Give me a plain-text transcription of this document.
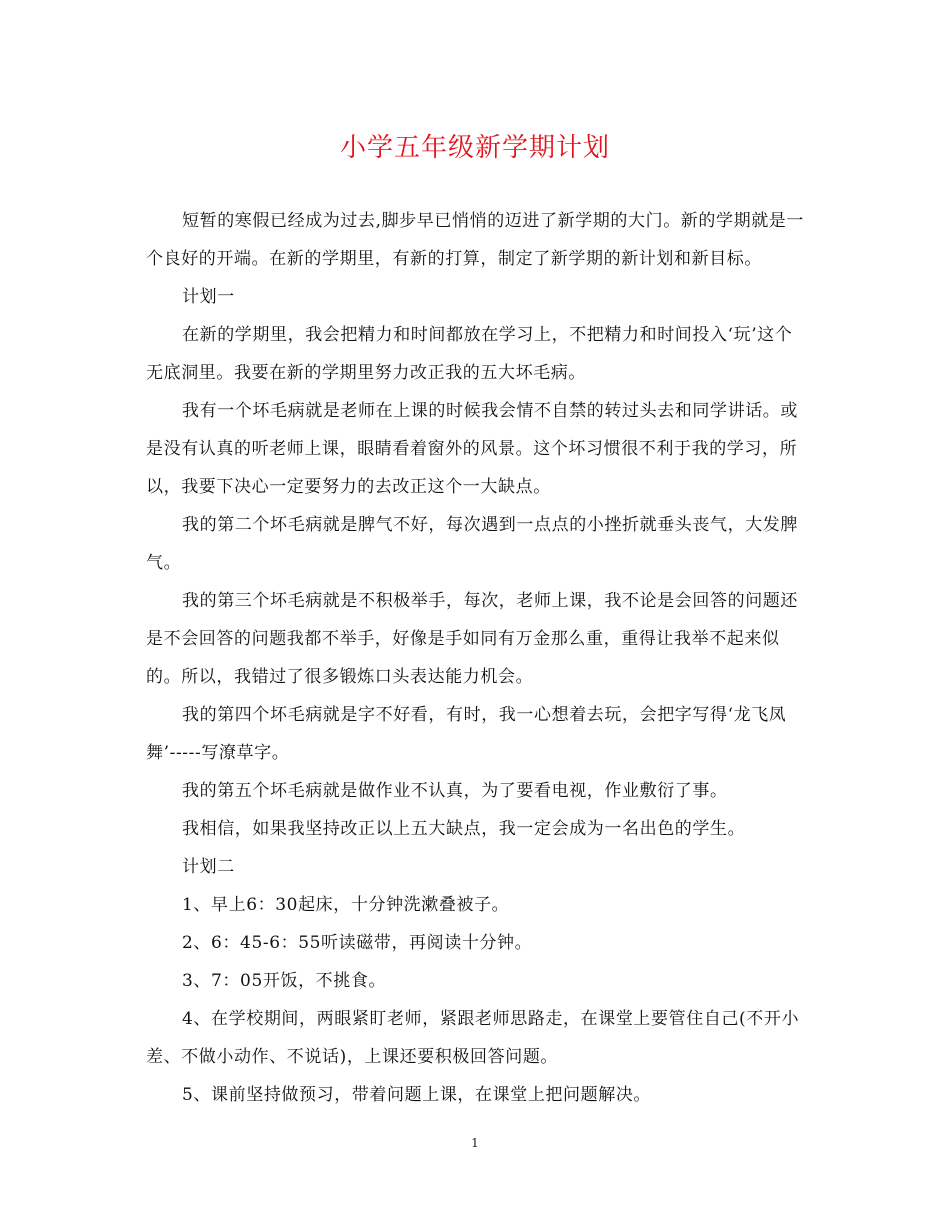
小学五年级新学期计划

短暂的寒假已经成为过去,脚步早已悄悄的迈进了新学期的大门。新的学期就是一个良好的开端。在新的学期里，有新的打算，制定了新学期的新计划和新目标。

计划一

在新的学期里，我会把精力和时间都放在学习上，不把精力和时间投入‘玩’这个无底洞里。我要在新的学期里努力改正我的五大坏毛病。

我有一个坏毛病就是老师在上课的时候我会情不自禁的转过头去和同学讲话。或是没有认真的听老师上课，眼睛看着窗外的风景。这个坏习惯很不利于我的学习，所以，我要下决心一定要努力的去改正这个一大缺点。

我的第二个坏毛病就是脾气不好，每次遇到一点点的小挫折就垂头丧气，大发脾气。

我的第三个坏毛病就是不积极举手，每次，老师上课，我不论是会回答的问题还是不会回答的问题我都不举手，好像是手如同有万金那么重，重得让我举不起来似的。所以，我错过了很多锻炼口头表达能力机会。

我的第四个坏毛病就是字不好看，有时，我一心想着去玩，会把字写得‘龙飞凤舞’-----写潦草字。

我的第五个坏毛病就是做作业不认真，为了要看电视，作业敷衍了事。

我相信，如果我坚持改正以上五大缺点，我一定会成为一名出色的学生。

计划二

1、早上6：30起床，十分钟洗漱叠被子。

2、6：45-6：55听读磁带，再阅读十分钟。

3、7：05开饭，不挑食。

4、在学校期间，两眼紧盯老师，紧跟老师思路走，在课堂上要管住自己(不开小差、不做小动作、不说话)，上课还要积极回答问题。

5、课前坚持做预习，带着问题上课，在课堂上把问题解决。

1
